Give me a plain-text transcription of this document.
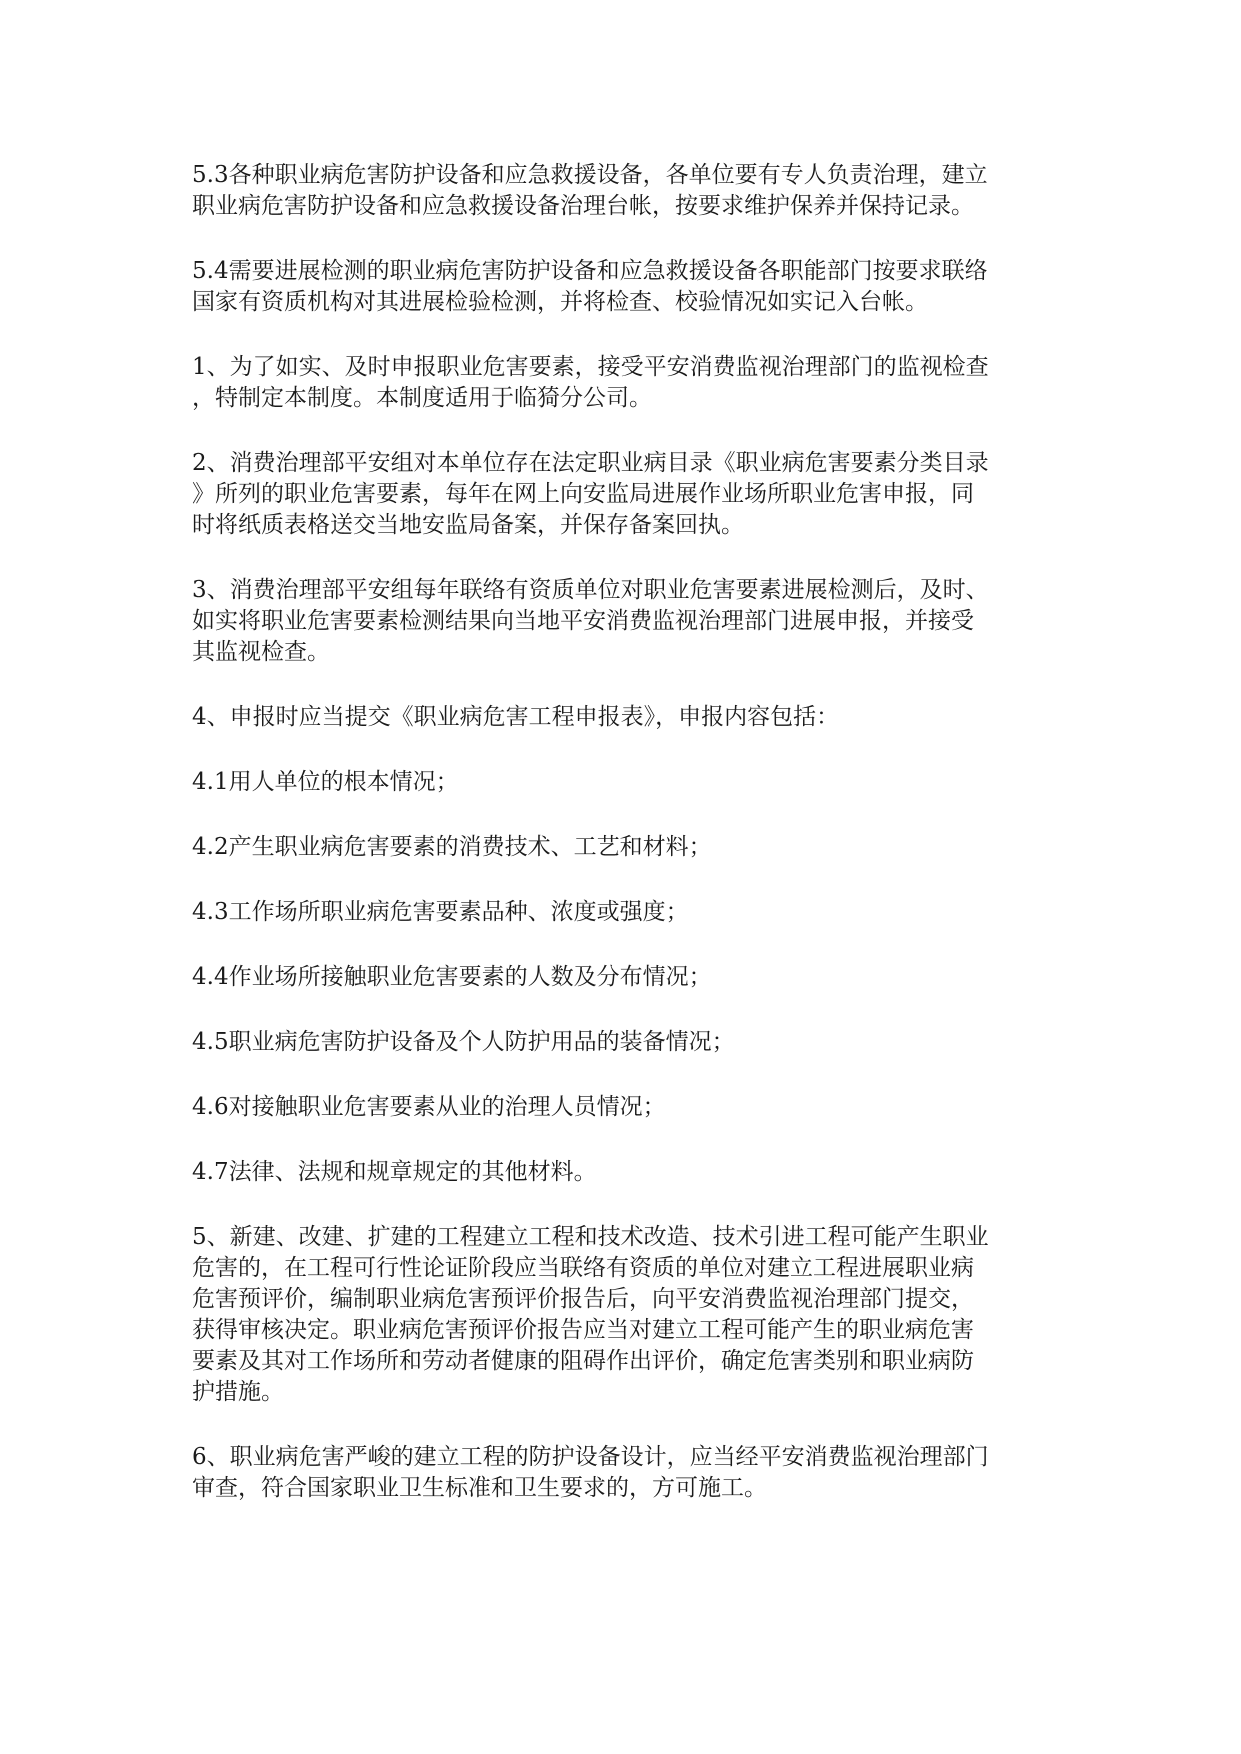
5.3各种职业病危害防护设备和应急救援设备，各单位要有专人负责治理，建立
职业病危害防护设备和应急救援设备治理台帐，按要求维护保养并保持记录。

5.4需要进展检测的职业病危害防护设备和应急救援设备各职能部门按要求联络
国家有资质机构对其进展检验检测，并将检查、校验情况如实记入台帐。

1、为了如实、及时申报职业危害要素，接受平安消费监视治理部门的监视检查
，特制定本制度。本制度适用于临猗分公司。

2、消费治理部平安组对本单位存在法定职业病目录《职业病危害要素分类目录
》所列的职业危害要素，每年在网上向安监局进展作业场所职业危害申报，同
时将纸质表格送交当地安监局备案，并保存备案回执。

3、消费治理部平安组每年联络有资质单位对职业危害要素进展检测后，及时、
如实将职业危害要素检测结果向当地平安消费监视治理部门进展申报，并接受
其监视检查。

4、申报时应当提交《职业病危害工程申报表》，申报内容包括：

4.1用人单位的根本情况；

4.2产生职业病危害要素的消费技术、工艺和材料；

4.3工作场所职业病危害要素品种、浓度或强度；

4.4作业场所接触职业危害要素的人数及分布情况；

4.5职业病危害防护设备及个人防护用品的装备情况；

4.6对接触职业危害要素从业的治理人员情况；

4.7法律、法规和规章规定的其他材料。

5、新建、改建、扩建的工程建立工程和技术改造、技术引进工程可能产生职业
危害的，在工程可行性论证阶段应当联络有资质的单位对建立工程进展职业病
危害预评价，编制职业病危害预评价报告后，向平安消费监视治理部门提交，
获得审核决定。职业病危害预评价报告应当对建立工程可能产生的职业病危害
要素及其对工作场所和劳动者健康的阻碍作出评价，确定危害类别和职业病防
护措施。

6、职业病危害严峻的建立工程的防护设备设计，应当经平安消费监视治理部门
审查，符合国家职业卫生标准和卫生要求的，方可施工。
